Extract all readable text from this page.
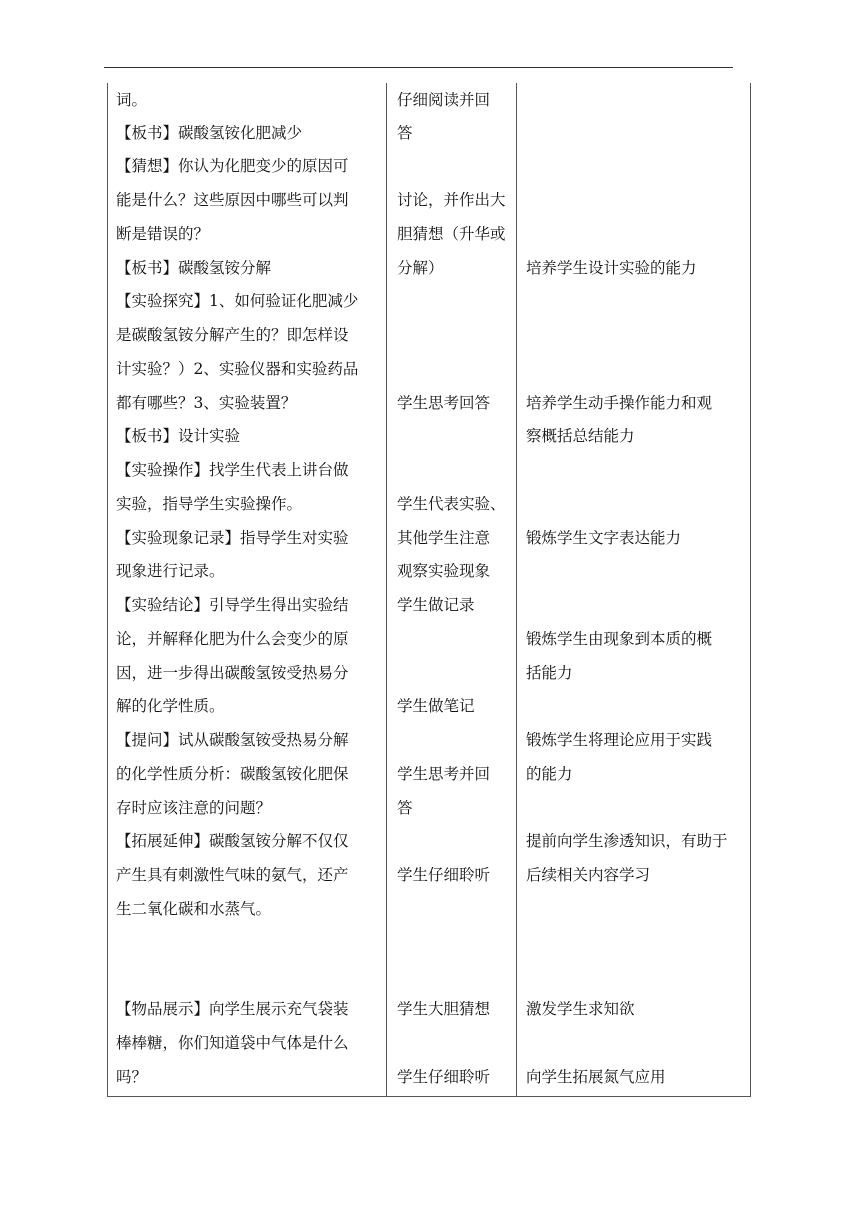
词。
【板书】碳酸氢铵化肥减少
【猜想】你认为化肥变少的原因可
能是什么？这些原因中哪些可以判
断是错误的？
【板书】碳酸氢铵分解
【实验探究】1、如何验证化肥减少
是碳酸氢铵分解产生的？即怎样设
计实验？）2、实验仪器和实验药品
都有哪些？3、实验装置？
【板书】设计实验
【实验操作】找学生代表上讲台做
实验，指导学生实验操作。
【实验现象记录】指导学生对实验
现象进行记录。
【实验结论】引导学生得出实验结
论，并解释化肥为什么会变少的原
因，进一步得出碳酸氢铵受热易分
解的化学性质。
【提问】试从碳酸氢铵受热易分解
的化学性质分析：碳酸氢铵化肥保
存时应该注意的问题？
【拓展延伸】碳酸氢铵分解不仅仅
产生具有刺激性气味的氨气，还产
生二氧化碳和水蒸气。
【物品展示】向学生展示充气袋装
棒棒糖，你们知道袋中气体是什么
吗？
仔细阅读并回
答
讨论，并作出大
胆猜想（升华或
分解）
学生思考回答
学生代表实验、
其他学生注意
观察实验现象
学生做记录
学生做笔记
学生思考并回
答
学生仔细聆听
学生大胆猜想
学生仔细聆听
培养学生设计实验的能力
培养学生动手操作能力和观
察概括总结能力
锻炼学生文字表达能力
锻炼学生由现象到本质的概
括能力
锻炼学生将理论应用于实践
的能力
提前向学生渗透知识，有助于
后续相关内容学习
激发学生求知欲
向学生拓展氮气应用
